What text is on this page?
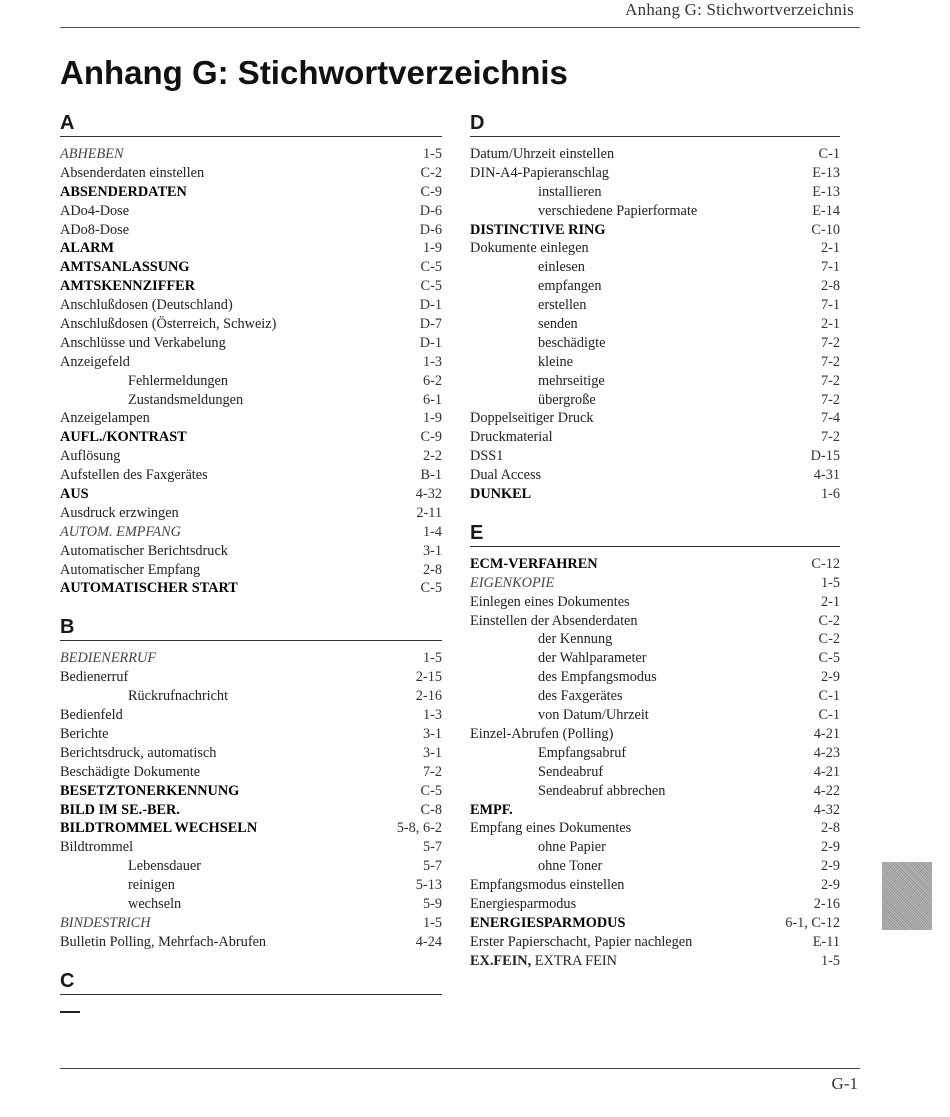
Anhang G: Stichwortverzeichnis
Anhang G: Stichwortverzeichnis
A
ABHEBEN	1-5
Absenderdaten einstellen	C-2
ABSENDERDATEN	C-9
ADo4-Dose	D-6
ADo8-Dose	D-6
ALARM	1-9
AMTSANLASSUNG	C-5
AMTSKENNZIFFER	C-5
Anschlußdosen (Deutschland)	D-1
Anschlußdosen (Österreich, Schweiz)	D-7
Anschlüsse und Verkabelung	D-1
Anzeigefeld	1-3
Fehlermeldungen	6-2
Zustandsmeldungen	6-1
Anzeigelampen	1-9
AUFL./KONTRAST	C-9
Auflösung	2-2
Aufstellen des Faxgerätes	B-1
AUS	4-32
Ausdruck erzwingen	2-11
AUTOM. EMPFANG	1-4
Automatischer Berichtsdruck	3-1
Automatischer Empfang	2-8
AUTOMATISCHER START	C-5
B
BEDIENERRUF	1-5
Bedienerruf	2-15
Rückrufnachricht	2-16
Bedienfeld	1-3
Berichte	3-1
Berichtsdruck, automatisch	3-1
Beschädigte Dokumente	7-2
BESETZTONERKENNUNG	C-5
BILD IM SE.-BER.	C-8
BILDTROMMEL WECHSELN	5-8, 6-2
Bildtrommel	5-7
Lebensdauer	5-7
reinigen	5-13
wechseln	5-9
BINDESTRICH	1-5
Bulletin Polling, Mehrfach-Abrufen	4-24
C
D
Datum/Uhrzeit einstellen	C-1
DIN-A4-Papieranschlag	E-13
installieren	E-13
verschiedene Papierformate	E-14
DISTINCTIVE RING	C-10
Dokumente einlegen	2-1
einlesen	7-1
empfangen	2-8
erstellen	7-1
senden	2-1
beschädigte	7-2
kleine	7-2
mehrseitige	7-2
übergroße	7-2
Doppelseitiger Druck	7-4
Druckmaterial	7-2
DSS1	D-15
Dual Access	4-31
DUNKEL	1-6
E
ECM-VERFAHREN	C-12
EIGENKOPIE	1-5
Einlegen eines Dokumentes	2-1
Einstellen der Absenderdaten	C-2
der Kennung	C-2
der Wahlparameter	C-5
des Empfangsmodus	2-9
des Faxgerätes	C-1
von Datum/Uhrzeit	C-1
Einzel-Abrufen (Polling)	4-21
Empfangsabruf	4-23
Sendeabruf	4-21
Sendeabruf abbrechen	4-22
EMPF.	4-32
Empfang eines Dokumentes	2-8
ohne Papier	2-9
ohne Toner	2-9
Empfangsmodus einstellen	2-9
Energiesparmodus	2-16
ENERGIESPARMODUS	6-1, C-12
Erster Papierschacht, Papier nachlegen	E-11
EX.FEIN, EXTRA FEIN	1-5
G-1
